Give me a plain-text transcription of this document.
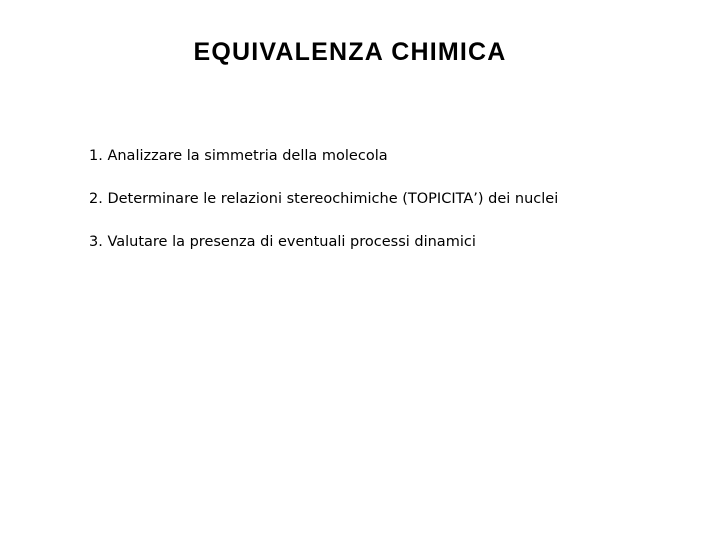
EQUIVALENZA CHIMICA
1. Analizzare la simmetria della molecola
2. Determinare le relazioni stereochimiche (TOPICITA’) dei nuclei
3. Valutare la presenza di eventuali processi dinamici
